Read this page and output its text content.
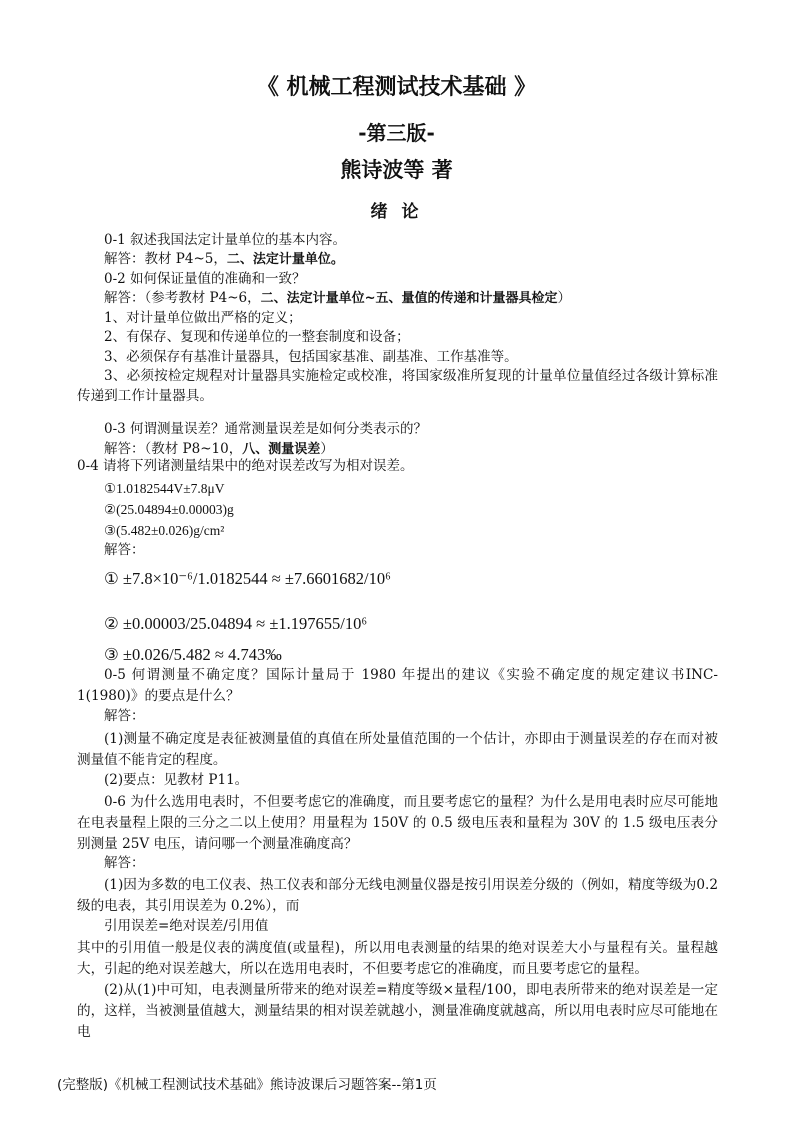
《 机械工程测试技术基础 》
-第三版-
熊诗波等 著
绪 论
0-1 叙述我国法定计量单位的基本内容。
解答：教材 P4~5，二、法定计量单位。
0-2 如何保证量值的准确和一致？
解答：（参考教材 P4~6，二、法定计量单位~五、量值的传递和计量器具检定）
1、对计量单位做出严格的定义；
2、有保存、复现和传递单位的一整套制度和设备；
3、必须保存有基准计量器具，包括国家基准、副基准、工作基准等。
3、必须按检定规程对计量器具实施检定或校准，将国家级准所复现的计量单位量值经过各级计算标准传递到工作计量器具。
0-3 何谓测量误差？通常测量误差是如何分类表示的？
解答：（教材 P8~10，八、测量误差）
0-4 请将下列诸测量结果中的绝对误差改写为相对误差。
①1.0182544V±7.8μV
②(25.04894±0.00003)g
③(5.482±0.026)g/cm²
解答：
① ±7.8×10⁻⁶/1.0182544 ≈ ±7.6601682/10⁶
② ±0.00003/25.04894 ≈ ±1.197655/10⁶
③ ±0.026/5.482 ≈ 4.743‰
0-5 何谓测量不确定度？国际计量局于 1980 年提出的建议《实验不确定度的规定建议书INC-1(1980)》的要点是什么？
解答：
(1)测量不确定度是表征被测量值的真值在所处量值范围的一个估计，亦即由于测量误差的存在而对被测量值不能肯定的程度。
(2)要点：见教材 P11。
0-6 为什么选用电表时，不但要考虑它的准确度，而且要考虑它的量程？为什么是用电表时应尽可能地在电表量程上限的三分之二以上使用？用量程为 150V 的 0.5 级电压表和量程为 30V 的 1.5 级电压表分别测量 25V 电压，请问哪一个测量准确度高？
解答：
(1)因为多数的电工仪表、热工仪表和部分无线电测量仪器是按引用误差分级的（例如，精度等级为0.2 级的电表，其引用误差为 0.2%），而
引用误差=绝对误差/引用值
其中的引用值一般是仪表的满度值(或量程)，所以用电表测量的结果的绝对误差大小与量程有关。量程越大，引起的绝对误差越大，所以在选用电表时，不但要考虑它的准确度，而且要考虑它的量程。
(2)从(1)中可知，电表测量所带来的绝对误差=精度等级×量程/100，即电表所带来的绝对误差是一定的，这样，当被测量值越大，测量结果的相对误差就越小，测量准确度就越高，所以用电表时应尽可能地在电
(完整版)《机械工程测试技术基础》熊诗波课后习题答案--第1页
